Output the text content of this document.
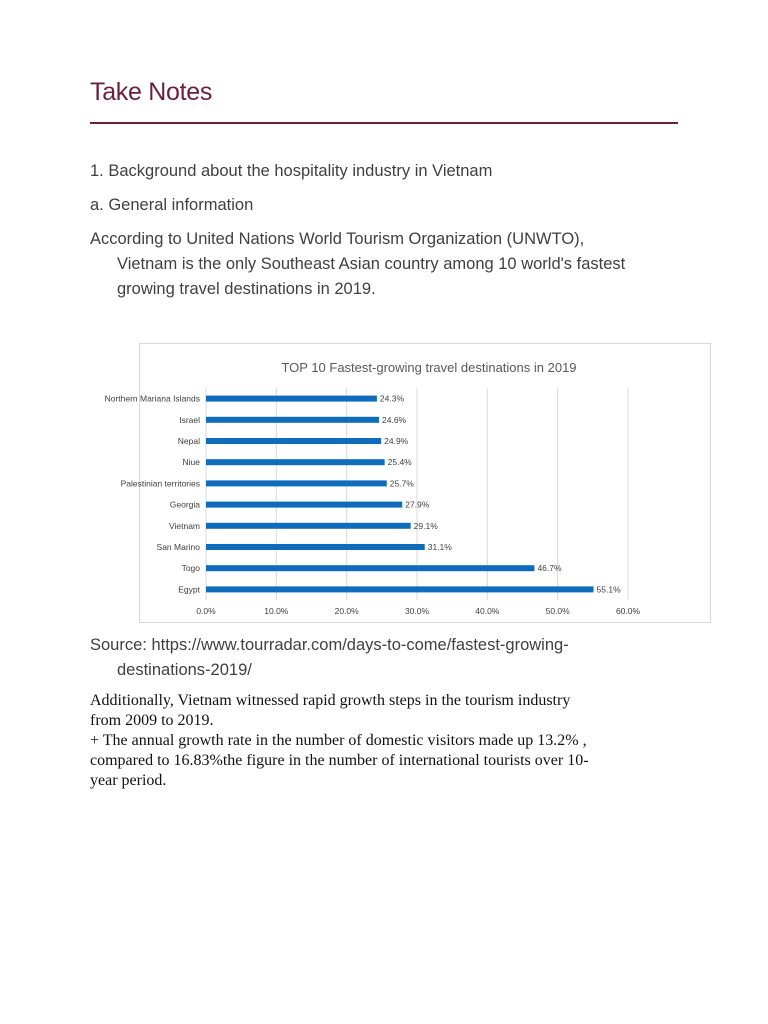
Take Notes
1. Background about the hospitality industry in Vietnam
a. General information
According to United Nations World Tourism Organization (UNWTO),
Vietnam is the only Southeast Asian country among 10 world's fastest
growing travel destinations in 2019.
TOP 10 Fastest-growing travel destinations in 2019
0.0%	10.0%	20.0%	30.0%	40.0%	50.0%	60.0%
Northern Mariana Islands	24.3%
Israel	24.6%
Nepal	24.9%
Niue	25.4%
Palestinian territories	25.7%
Georgia	27.9%
Vietnam	29.1%
San Marino	31.1%
Togo	46.7%
Egypt	55.1%
Source: https://www.tourradar.com/days-to-come/fastest-growing-
destinations-2019/
Additionally, Vietnam witnessed rapid growth steps in the tourism industry
from 2009 to 2019.
+ The annual growth rate in the number of domestic visitors made up 13.2% ,
compared to 16.83%the figure in the number of international tourists over 10-
year period.
